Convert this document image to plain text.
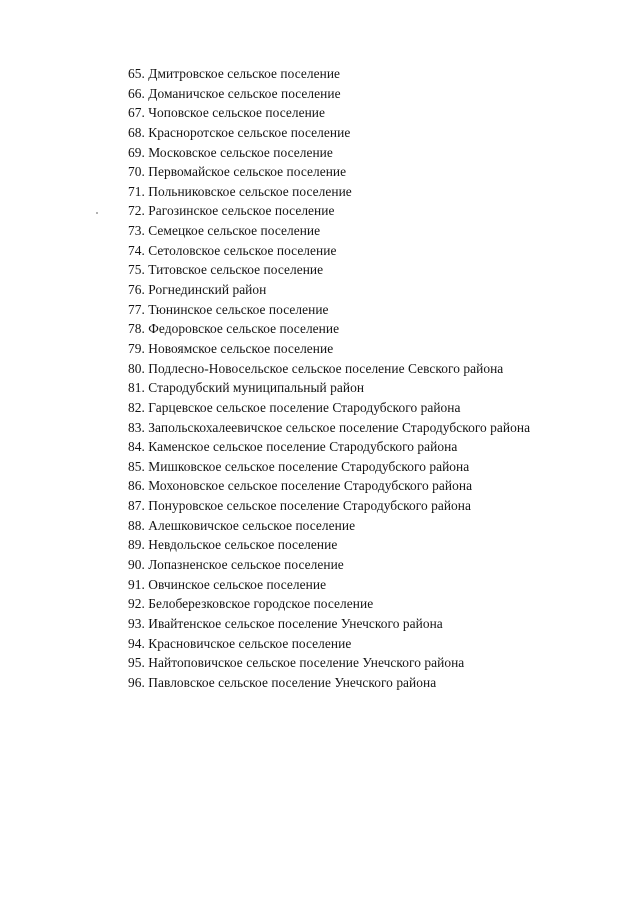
65. Дмитровское сельское поселение
66. Доманичское сельское поселение
67. Чоповское сельское поселение
68. Красноротское сельское поселение
69. Московское сельское поселение
70. Первомайское сельское поселение
71. Польниковское сельское поселение
72. Рагозинское сельское поселение
73. Семецкое сельское поселение
74. Сетоловское сельское поселение
75. Титовское сельское поселение
76. Рогнединский район
77. Тюнинское сельское поселение
78. Федоровское сельское поселение
79. Новоямское сельское поселение
80. Подлесно-Новосельское сельское поселение Севского района
81. Стародубский муниципальный район
82. Гарцевское сельское поселение Стародубского района
83. Запольскохалеевичское сельское поселение Стародубского района
84. Каменское сельское поселение Стародубского района
85. Мишковское сельское поселение Стародубского района
86. Мохоновское сельское поселение Стародубского района
87. Понуровское сельское поселение Стародубского района
88. Алешковичское сельское поселение
89. Невдольское сельское поселение
90. Лопазненское сельское поселение
91. Овчинское сельское поселение
92. Белоберезковское городское поселение
93. Ивайтенское сельское поселение Унечского района
94. Красновичское сельское поселение
95. Найтоповичское сельское поселение Унечского района
96. Павловское сельское поселение Унечского района
